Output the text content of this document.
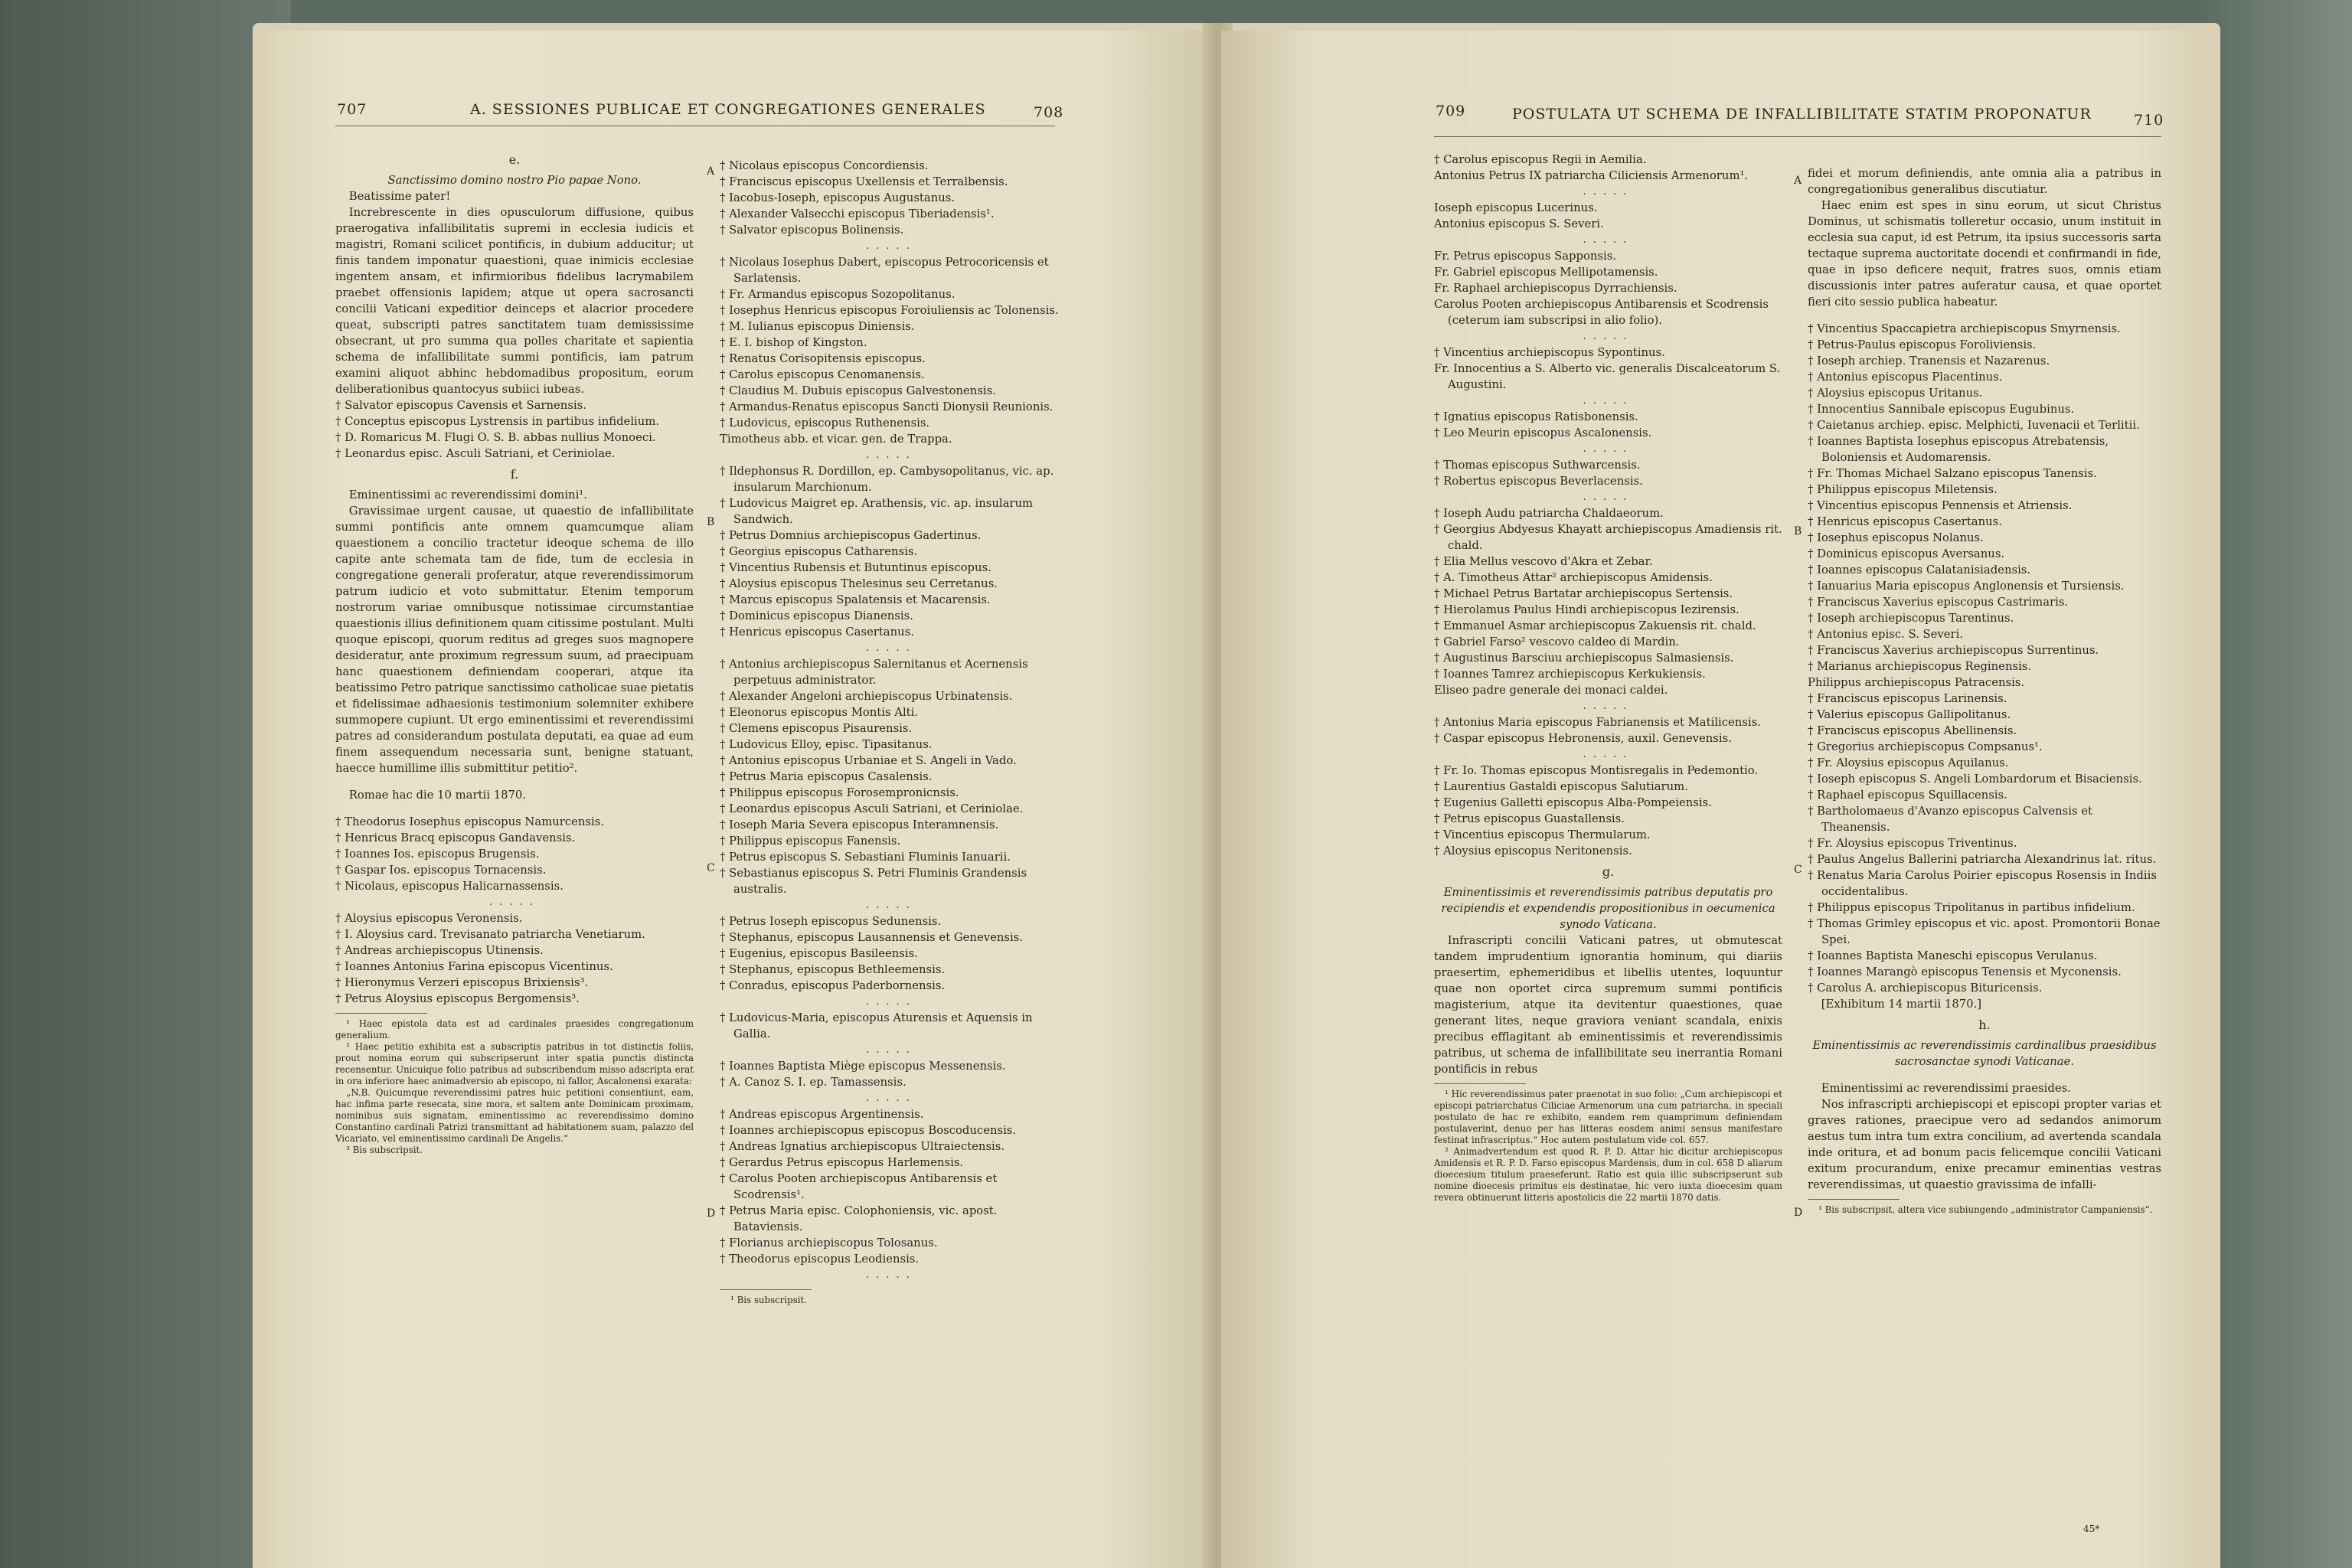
707	A. SESSIONES PUBLICAE ET CONGREGATIONES GENERALES	708
e.
Sanctissimo domino nostro Pio papae Nono.

Beatissime pater!

Increbrescente in dies opusculorum diffusione, quibus praerogativa infallibilitatis supremi in ecclesia iudicis et magistri, Romani scilicet pontificis, in dubium adducitur; ut finis tandem imponatur quaestioni, quae inimicis ecclesiae ingentem ansam, et infirmioribus fidelibus lacrymabilem praebet offensionis lapidem; atque ut opera sacrosancti concilii Vaticani expeditior deinceps et alacrior procedere queat, subscripti patres sanctitatem tuam demississime obsecrant, ut pro summa qua polles charitate et sapientia schema de infallibilitate summi pontificis, iam patrum examini aliquot abhinc hebdomadibus propositum, eorum deliberationibus quantocyus subiici iubeas.

† Salvator episcopus Cavensis et Sarnensis.
† Conceptus episcopus Lystrensis in partibus infidelium.
† D. Romaricus M. Flugi O. S. B. abbas nullius Monoeci.
† Leonardus episc. Asculi Satriani, et Ceriniolae.
f.

Eminentissimi ac reverendissimi domini¹.

Gravissimae urgent causae, ut quaestio de infallibilitate summi pontificis ante omnem quamcumque aliam quaestionem a concilio tractetur ideoque schema de illo capite ante schemata tam de fide, tum de ecclesia in congregatione generali proferatur, atque reverendissimorum patrum iudicio et voto submittatur. Etenim temporum nostrorum variae omnibusque notissimae circumstantiae quaestionis illius definitionem quam citissime postulant. Multi quoque episcopi, quorum reditus ad greges suos magnopere desideratur, ante proximum regressum suum, ad praecipuam hanc quaestionem definiendam cooperari, atque ita beatissimo Petro patrique sanctissimo catholicae suae pietatis et fidelissimae adhaesionis testimonium solemniter exhibere summopere cupiunt. Ut ergo eminentissimi et reverendissimi patres ad considerandum postulata deputati, ea quae ad eum finem assequendum necessaria sunt, benigne statuant, haecce humillime illis submittitur petitio².

Romae hac die 10 martii 1870.

† Theodorus Iosephus episcopus Namurcensis.
† Henricus Bracq episcopus Gandavensis.
† Ioannes Ios. episcopus Brugensis.
† Gaspar Ios. episcopus Tornacensis.
† Nicolaus, episcopus Halicarnassensis.
.....
† Aloysius episcopus Veronensis.
† I. Aloysius card. Trevisanato patriarcha Venetiarum.
† Andreas archiepiscopus Utinensis.
† Ioannes Antonius Farina episcopus Vicentinus.
† Hieronymus Verzeri episcopus Brixiensis³.
† Petrus Aloysius episcopus Bergomensis³.

¹ Haec epistola data est ad cardinales praesides congregationum generalium.

² Haec petitio exhibita est a subscriptis patribus in tot distinctis foliis, prout nomina eorum qui subscripserunt inter spatia punctis distincta recensentur. Unicuique folio patribus ad subscribendum misso adscripta erat in ora inferiore haec animadversio ab episcopo, ni fallor, Ascalonensi exarata:

„N.B. Quicumque reverendissimi patres huic petitioni consentiunt, eam, hac infima parte resecata, sine mora, et saltem ante Dominicam proximam, nominibus suis signatam, eminentissimo ac reverendissimo domino Constantino cardinali Patrizi transmittant ad habitationem suam, palazzo del Vicariato, vel eminentissimo cardinali De Angelis.“

³ Bis subscripsit.

A
B
C
D
† Nicolaus episcopus Concordiensis.
† Franciscus episcopus Uxellensis et Terralbensis.
† Iacobus-Ioseph, episcopus Augustanus.
† Alexander Valsecchi episcopus Tiberiadensis¹.
† Salvator episcopus Bolinensis.
.....
† Nicolaus Iosephus Dabert, episcopus Petrocoricensis et Sarlatensis.
† Fr. Armandus episcopus Sozopolitanus.
† Iosephus Henricus episcopus Foroiuliensis ac Tolonensis.
† M. Iulianus episcopus Diniensis.
† E. I. bishop of Kingston.
† Renatus Corisopitensis episcopus.
† Carolus episcopus Cenomanensis.
† Claudius M. Dubuis episcopus Galvestonensis.
† Armandus-Renatus episcopus Sancti Dionysii Reunionis.
† Ludovicus, episcopus Ruthenensis.
Timotheus abb. et vicar. gen. de Trappa.
.....
† Ildephonsus R. Dordillon, ep. Cambysopolitanus, vic. ap. insularum Marchionum.
† Ludovicus Maigret ep. Arathensis, vic. ap. insularum Sandwich.
† Petrus Domnius archiepiscopus Gadertinus.
† Georgius episcopus Catharensis.
† Vincentius Rubensis et Butuntinus episcopus.
† Aloysius episcopus Thelesinus seu Cerretanus.
† Marcus episcopus Spalatensis et Macarensis.
† Dominicus episcopus Dianensis.
† Henricus episcopus Casertanus.
.....
† Antonius archiepiscopus Salernitanus et Acernensis perpetuus administrator.
† Alexander Angeloni archiepiscopus Urbinatensis.
† Eleonorus episcopus Montis Alti.
† Clemens episcopus Pisaurensis.
† Ludovicus Elloy, episc. Tipasitanus.
† Antonius episcopus Urbaniae et S. Angeli in Vado.
† Petrus Maria episcopus Casalensis.
† Philippus episcopus Forosempronicnsis.
† Leonardus episcopus Asculi Satriani, et Ceriniolae.
† Ioseph Maria Severa episcopus Interamnensis.
† Philippus episcopus Fanensis.
† Petrus episcopus S. Sebastiani Fluminis Ianuarii.
† Sebastianus episcopus S. Petri Fluminis Grandensis australis.
.....
† Petrus Ioseph episcopus Sedunensis.
† Stephanus, episcopus Lausannensis et Genevensis.
† Eugenius, episcopus Basileensis.
† Stephanus, episcopus Bethleemensis.
† Conradus, episcopus Paderbornensis.
.....
† Ludovicus-Maria, episcopus Aturensis et Aquensis in Gallia.
.....
† Ioannes Baptista Miège episcopus Messenensis.
† A. Canoz S. I. ep. Tamassensis.
.....
† Andreas episcopus Argentinensis.
† Ioannes archiepiscopus episcopus Boscoducensis.
† Andreas Ignatius archiepiscopus Ultraiectensis.
† Gerardus Petrus episcopus Harlemensis.
† Carolus Pooten archiepiscopus Antibarensis et Scodrensis¹.
† Petrus Maria episc. Colophoniensis, vic. apost. Bataviensis.
† Florianus archiepiscopus Tolosanus.
† Theodorus episcopus Leodiensis.
.....

¹ Bis subscripsit.

709	POSTULATA UT SCHEMA DE INFALLIBILITATE STATIM PROPONATUR	710
† Carolus episcopus Regii in Aemilia.
Antonius Petrus IX patriarcha Ciliciensis Armenorum¹.
.....
Ioseph episcopus Lucerinus.
Antonius episcopus S. Severi.
.....
Fr. Petrus episcopus Sapponsis.
Fr. Gabriel episcopus Mellipotamensis.
Fr. Raphael archiepiscopus Dyrrachiensis.
Carolus Pooten archiepiscopus Antibarensis et Scodrensis (ceterum iam subscripsi in alio folio).
.....
† Vincentius archiepiscopus Sypontinus.
Fr. Innocentius a S. Alberto vic. generalis Discalceatorum S. Augustini.
.....
† Ignatius episcopus Ratisbonensis.
† Leo Meurin episcopus Ascalonensis.
.....
† Thomas episcopus Suthwarcensis.
† Robertus episcopus Beverlacensis.
.....
† Ioseph Audu patriarcha Chaldaeorum.
† Georgius Abdyesus Khayatt archiepiscopus Amadiensis rit. chald.
† Elia Mellus vescovo d'Akra et Zebar.
† A. Timotheus Attar² archiepiscopus Amidensis.
† Michael Petrus Bartatar archiepiscopus Sertensis.
† Hierolamus Paulus Hindi archiepiscopus Iezirensis.
† Emmanuel Asmar archiepiscopus Zakuensis rit. chald.
† Gabriel Farso² vescovo caldeo di Mardin.
† Augustinus Barsciuu archiepiscopus Salmasiensis.
† Ioannes Tamrez archiepiscopus Kerkukiensis.
Eliseo padre generale dei monaci caldei.
.....
† Antonius Maria episcopus Fabrianensis et Matilicensis.
† Caspar episcopus Hebronensis, auxil. Genevensis.
.....
† Fr. Io. Thomas episcopus Montisregalis in Pedemontio.
† Laurentius Gastaldi episcopus Salutiarum.
† Eugenius Galletti episcopus Alba-Pompeiensis.
† Petrus episcopus Guastallensis.
† Vincentius episcopus Thermularum.
† Aloysius episcopus Neritonensis.
g.
Eminentissimis et reverendissimis patribus deputatis pro recipiendis et expendendis propositionibus in oecumenica synodo Vaticana.

Infrascripti concilii Vaticani patres, ut obmutescat tandem imprudentium ignorantia hominum, qui diariis praesertim, ephemeridibus et libellis utentes, loquuntur quae non oportet circa supremum summi pontificis magisterium, atque ita devitentur quaestiones, quae generant lites, neque graviora veniant scandala, enixis precibus efflagitant ab eminentissimis et reverendissimis patribus, ut schema de infallibilitate seu inerrantia Romani pontificis in rebus

¹ Hic reverendissimus pater praenotat in suo folio: „Cum archiepiscopi et episcopi patriarchatus Ciliciae Armenorum una cum patriarcha, in speciali postulato de hac re exhibito, eandem rem quamprimum definiendam postulaverint, denuo per has litteras eosdem animi sensus manifestare festinat infrascriptus.“ Hoc autem postulatum vide col. 657.

² Animadvertendum est quod R. P. D. Attar hic dicitur archiepiscopus Amidensis et R. P. D. Farso episcopus Mardensis, dum in col. 658 D aliarum dioecesium titulum praeseferunt. Ratio est quia illic subscripserunt sub nomine dioecesis primitus eis destinatae, hic vero iuxta dioecesim quam revera obtinuerunt litteris apostolicis die 22 martii 1870 datis.

A
B
C
D

fidei et morum definiendis, ante omnia alia a patribus in congregationibus generalibus discutiatur.

Haec enim est spes in sinu eorum, ut sicut Christus Dominus, ut schismatis tolleretur occasio, unum instituit in ecclesia sua caput, id est Petrum, ita ipsius successoris sarta tectaque suprema auctoritate docendi et confirmandi in fide, quae in ipso deficere nequit, fratres suos, omnis etiam discussionis inter patres auferatur causa, et quae oportet fieri cito sessio publica habeatur.

† Vincentius Spaccapietra archiepiscopus Smyrnensis.
† Petrus-Paulus episcopus Foroliviensis.
† Ioseph archiep. Tranensis et Nazarenus.
† Antonius episcopus Placentinus.
† Aloysius episcopus Uritanus.
† Innocentius Sannibale episcopus Eugubinus.
† Caietanus archiep. episc. Melphicti, Iuvenacii et Terlitii.
† Ioannes Baptista Iosephus episcopus Atrebatensis, Boloniensis et Audomarensis.
† Fr. Thomas Michael Salzano episcopus Tanensis.
† Philippus episcopus Miletensis.
† Vincentius episcopus Pennensis et Atriensis.
† Henricus episcopus Casertanus.
† Iosephus episcopus Nolanus.
† Dominicus episcopus Aversanus.
† Ioannes episcopus Calatanisiadensis.
† Ianuarius Maria episcopus Anglonensis et Tursiensis.
† Franciscus Xaverius episcopus Castrimaris.
† Ioseph archiepiscopus Tarentinus.
† Antonius episc. S. Severi.
† Franciscus Xaverius archiepiscopus Surrentinus.
† Marianus archiepiscopus Reginensis.
Philippus archiepiscopus Patracensis.
† Franciscus episcopus Larinensis.
† Valerius episcopus Gallipolitanus.
† Franciscus episcopus Abellinensis.
† Gregorius archiepiscopus Compsanus¹.
† Fr. Aloysius episcopus Aquilanus.
† Ioseph episcopus S. Angeli Lombardorum et Bisaciensis.
† Raphael episcopus Squillacensis.
† Bartholomaeus d'Avanzo episcopus Calvensis et Theanensis.
† Fr. Aloysius episcopus Triventinus.
† Paulus Angelus Ballerini patriarcha Alexandrinus lat. ritus.
† Renatus Maria Carolus Poirier episcopus Rosensis in Indiis occidentalibus.
† Philippus episcopus Tripolitanus in partibus infidelium.
† Thomas Grimley episcopus et vic. apost. Promontorii Bonae Spei.
† Ioannes Baptista Maneschi episcopus Verulanus.
† Ioannes Marangò episcopus Tenensis et Myconensis.
† Carolus A. archiepiscopus Bituricensis.

[Exhibitum 14 martii 1870.]

h.
Eminentissimis ac reverendissimis cardinalibus praesidibus sacrosanctae synodi Vaticanae.

Eminentissimi ac reverendissimi praesides.

Nos infrascripti archiepiscopi et episcopi propter varias et graves rationes, praecipue vero ad sedandos animorum aestus tum intra tum extra concilium, ad avertenda scandala inde oritura, et ad bonum pacis felicemque concilii Vaticani exitum procurandum, enixe precamur eminentias vestras reverendissimas, ut quaestio gravissima de infalli-

¹ Bis subscripsit, altera vice subiungendo „administrator Campaniensis“.

45*
